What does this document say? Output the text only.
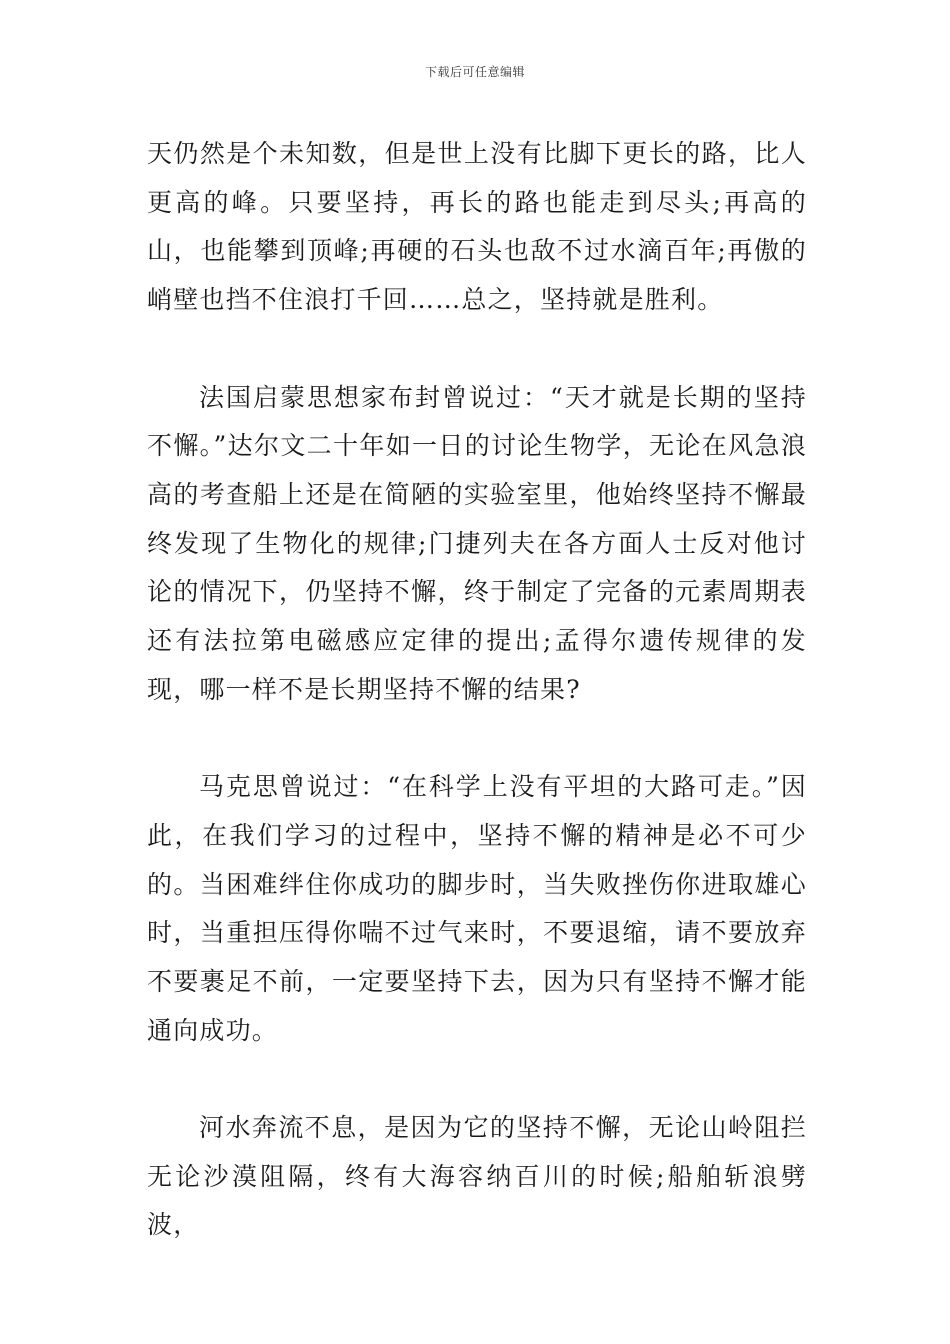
下载后可任意编辑

天仍然是个未知数，但是世上没有比脚下更长的路，比人更高的峰。只要坚持，再长的路也能走到尽头;再高的山，也能攀到顶峰;再硬的石头也敌不过水滴百年;再傲的峭壁也挡不住浪打千回……总之，坚持就是胜利。

法国启蒙思想家布封曾说过：“天才就是长期的坚持不懈。”达尔文二十年如一日的讨论生物学，无论在风急浪高的考查船上还是在简陋的实验室里，他始终坚持不懈最终发现了生物化的规律;门捷列夫在各方面人士反对他讨论的情况下，仍坚持不懈，终于制定了完备的元素周期表还有法拉第电磁感应定律的提出;孟得尔遗传规律的发现，哪一样不是长期坚持不懈的结果?

马克思曾说过：“在科学上没有平坦的大路可走。”因此，在我们学习的过程中，坚持不懈的精神是必不可少的。当困难绊住你成功的脚步时，当失败挫伤你进取雄心时，当重担压得你喘不过气来时，不要退缩，请不要放弃不要裹足不前，一定要坚持下去，因为只有坚持不懈才能通向成功。

河水奔流不息，是因为它的坚持不懈，无论山岭阻拦无论沙漠阻隔，终有大海容纳百川的时候;船舶斩浪劈波，
